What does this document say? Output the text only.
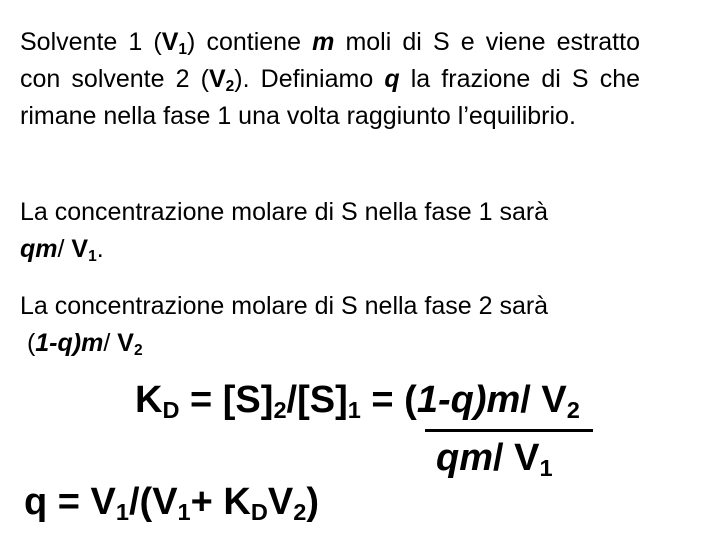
Solvente 1 $(V_1)$ contiene m moli di S e viene estratto con solvente 2 $(V_2)$. Definiamo q la frazione di S che rimane nella fase 1 una volta raggiunto l’equilibrio.
La concentrazione molare di S nella fase 1 sarà
qm/ $V_1$.
La concentrazione molare di S nella fase 2 sarà
(1-q)m/ $V_2$
$K_D = [S]_2/[S]_1 = (1-q)m/$ $V_2$
qm/ $V_1$
$q = V_1/(V_1+ K_DV_2)$
